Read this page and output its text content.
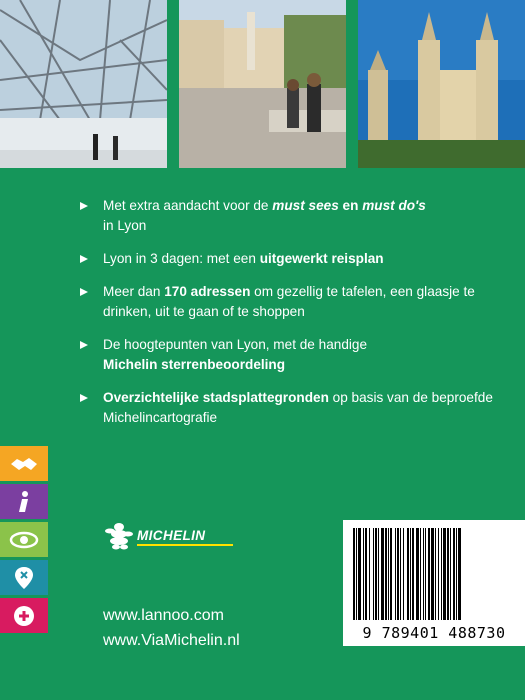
Met extra aandacht voor de must sees en must do's
in Lyon
Lyon in 3 dagen: met een uitgewerkt reisplan
Meer dan 170 adressen om gezellig te tafelen, een glaasje te drinken, uit te gaan of te shoppen
De hoogtepunten van Lyon, met de handige
Michelin sterrenbeoordeling
Overzichtelijke stadsplattegronden op basis van de beproefde Michelincartografie
MICHELIN
www.lannoo.com
www.ViaMichelin.nl	9 789401 488730
